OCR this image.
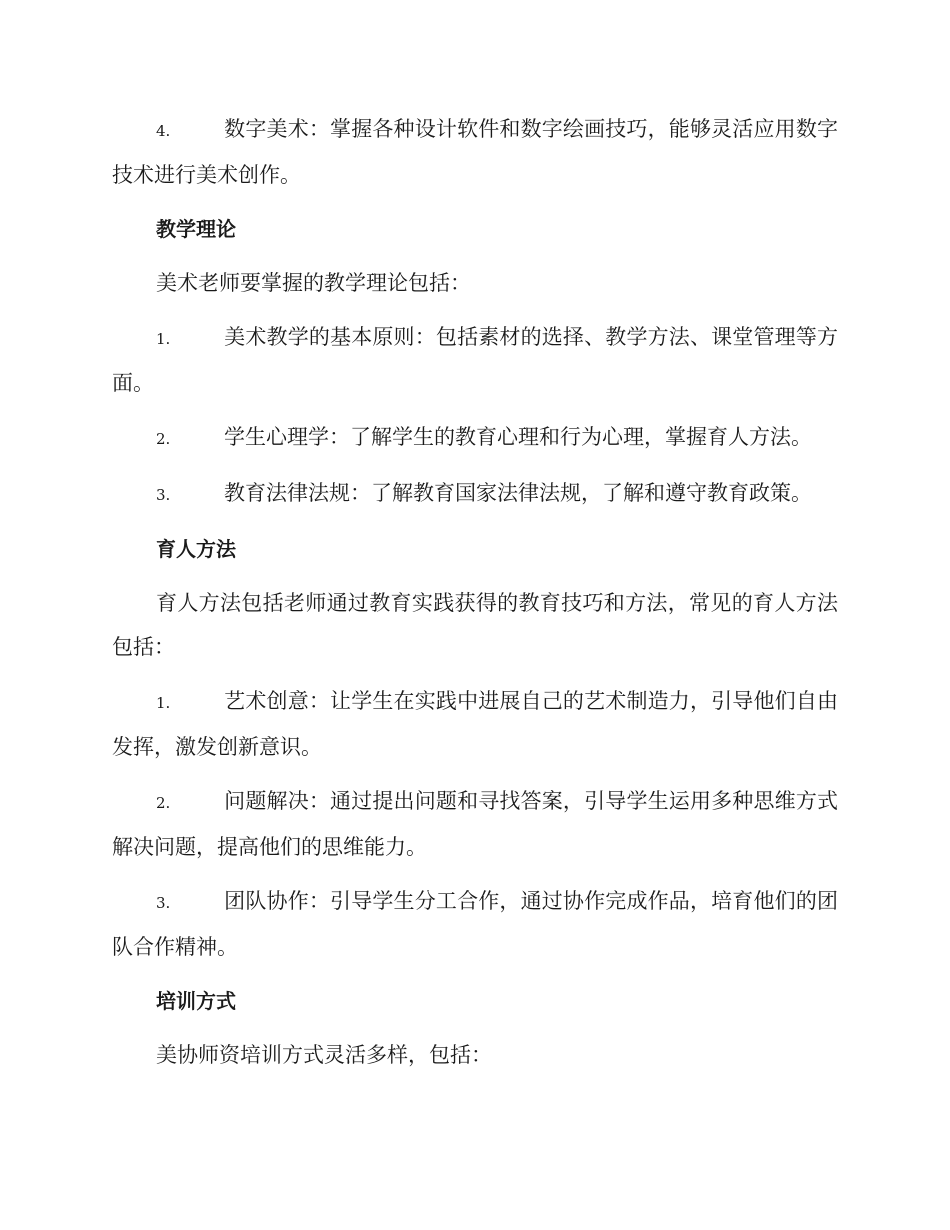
4.	数字美术：掌握各种设计软件和数字绘画技巧，能够灵活应用数字技术进行美术创作。
教学理论
美术老师要掌握的教学理论包括：
1.	美术教学的基本原则：包括素材的选择、教学方法、课堂管理等方面。
2.	学生心理学：了解学生的教育心理和行为心理，掌握育人方法。
3.	教育法律法规：了解教育国家法律法规，了解和遵守教育政策。
育人方法
育人方法包括老师通过教育实践获得的教育技巧和方法，常见的育人方法包括：
1.	艺术创意：让学生在实践中进展自己的艺术制造力，引导他们自由发挥，激发创新意识。
2.	问题解决：通过提出问题和寻找答案，引导学生运用多种思维方式解决问题，提高他们的思维能力。
3.	团队协作：引导学生分工合作，通过协作完成作品，培育他们的团队合作精神。
培训方式
美协师资培训方式灵活多样，包括：
